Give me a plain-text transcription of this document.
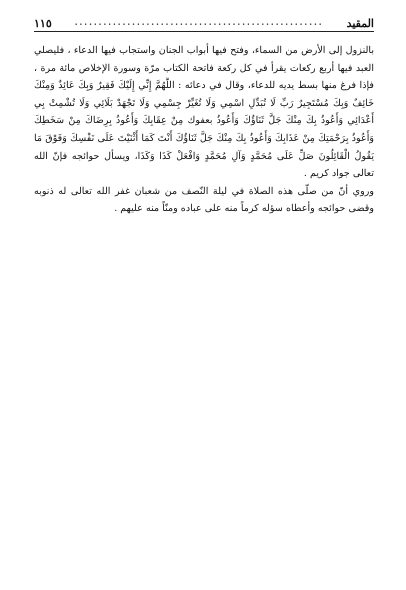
المقيد
....................................................
١١٥
بالنزول إلى الأرض من السماء، وفتح فيها أبواب الجنان واستجاب فيها الدعاء ، فليصلي
العبد فيها أربع ركعات يقرأ في كل ركعة فاتحة الكتاب مرّة وسورة الإخلاص مائة مرة ،
فإذا فرغ منها بسط يديه للدعاء، وقال في دعائه : اللَّهُمَّ إِنِّي إِلَيْكَ فَقِيرٌ وَبِكَ عَائِذٌ وَمِنْكَ
خَائِفٌ وَبِكَ مُسْتَجِيرٌ رَبِّ لَا تُبَدِّلِ اسْمِي وَلَا تُغَيِّرْ جِسْمِي وَلَا تَجْهَدْ بَلَائِي وَلَا تُشْمِتْ بِي
أَعْدَائِي وَأَعُوذُ بِكَ مِنْكَ جَلَّ ثَنَاؤُكَ وَأَعُوذُ بعفوك مِنْ عِقَابِكَ وَأَعُوذُ بِرِضَاكَ مِنْ سَخَطِكَ
وَأَعُوذُ بِرَحْمَتِكَ مِنْ عَذَابِكَ وَأَعُوذُ بِكَ مِنْكَ جَلَّ ثَنَاؤُكَ أَنْتَ كَمَا أَثْنَيْتَ عَلَى نَفْسِكَ وَفَوْقَ مَا
يَقُولُ الْقَائِلُونَ صَلِّ عَلَى مُحَمَّدٍ وَآلِ مُحَمَّدٍ وَافْعَلْ كَذَا وَكَذَا، ويسأل حوائجه فإنّ الله
تعالى جواد كريم .
وروي أنّ من صلّى هذه الصلاة في ليلة النّصف من شعبان غفر الله تعالى له ذنوبه
وقضى حوائجه وأعطاه سؤله كرماً منه على عباده ومنّاً منه عليهم .
